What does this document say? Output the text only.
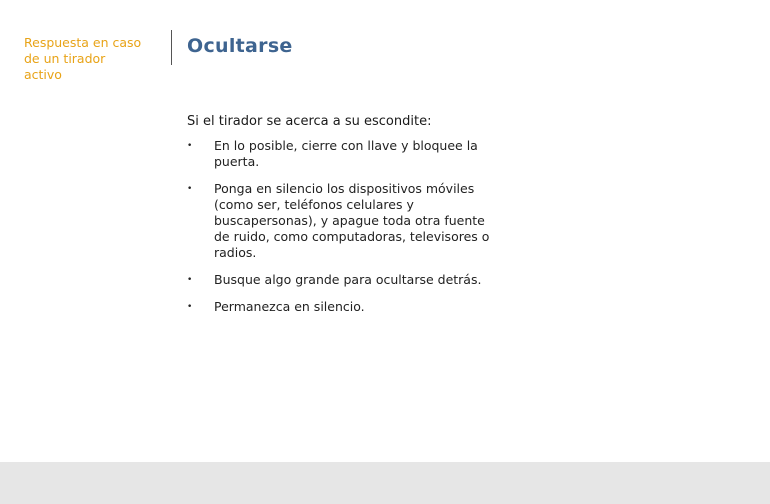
Respuesta en caso de un tirador activo
Ocultarse
Si el tirador se acerca a su escondite:
• En lo posible, cierre con llave y bloquee la puerta.
• Ponga en silencio los dispositivos móviles (como ser, teléfonos celulares y buscapersonas), y apague toda otra fuente de ruido, como computadoras, televisores o radios.
• Busque algo grande para ocultarse detrás.
• Permanezca en silencio.
